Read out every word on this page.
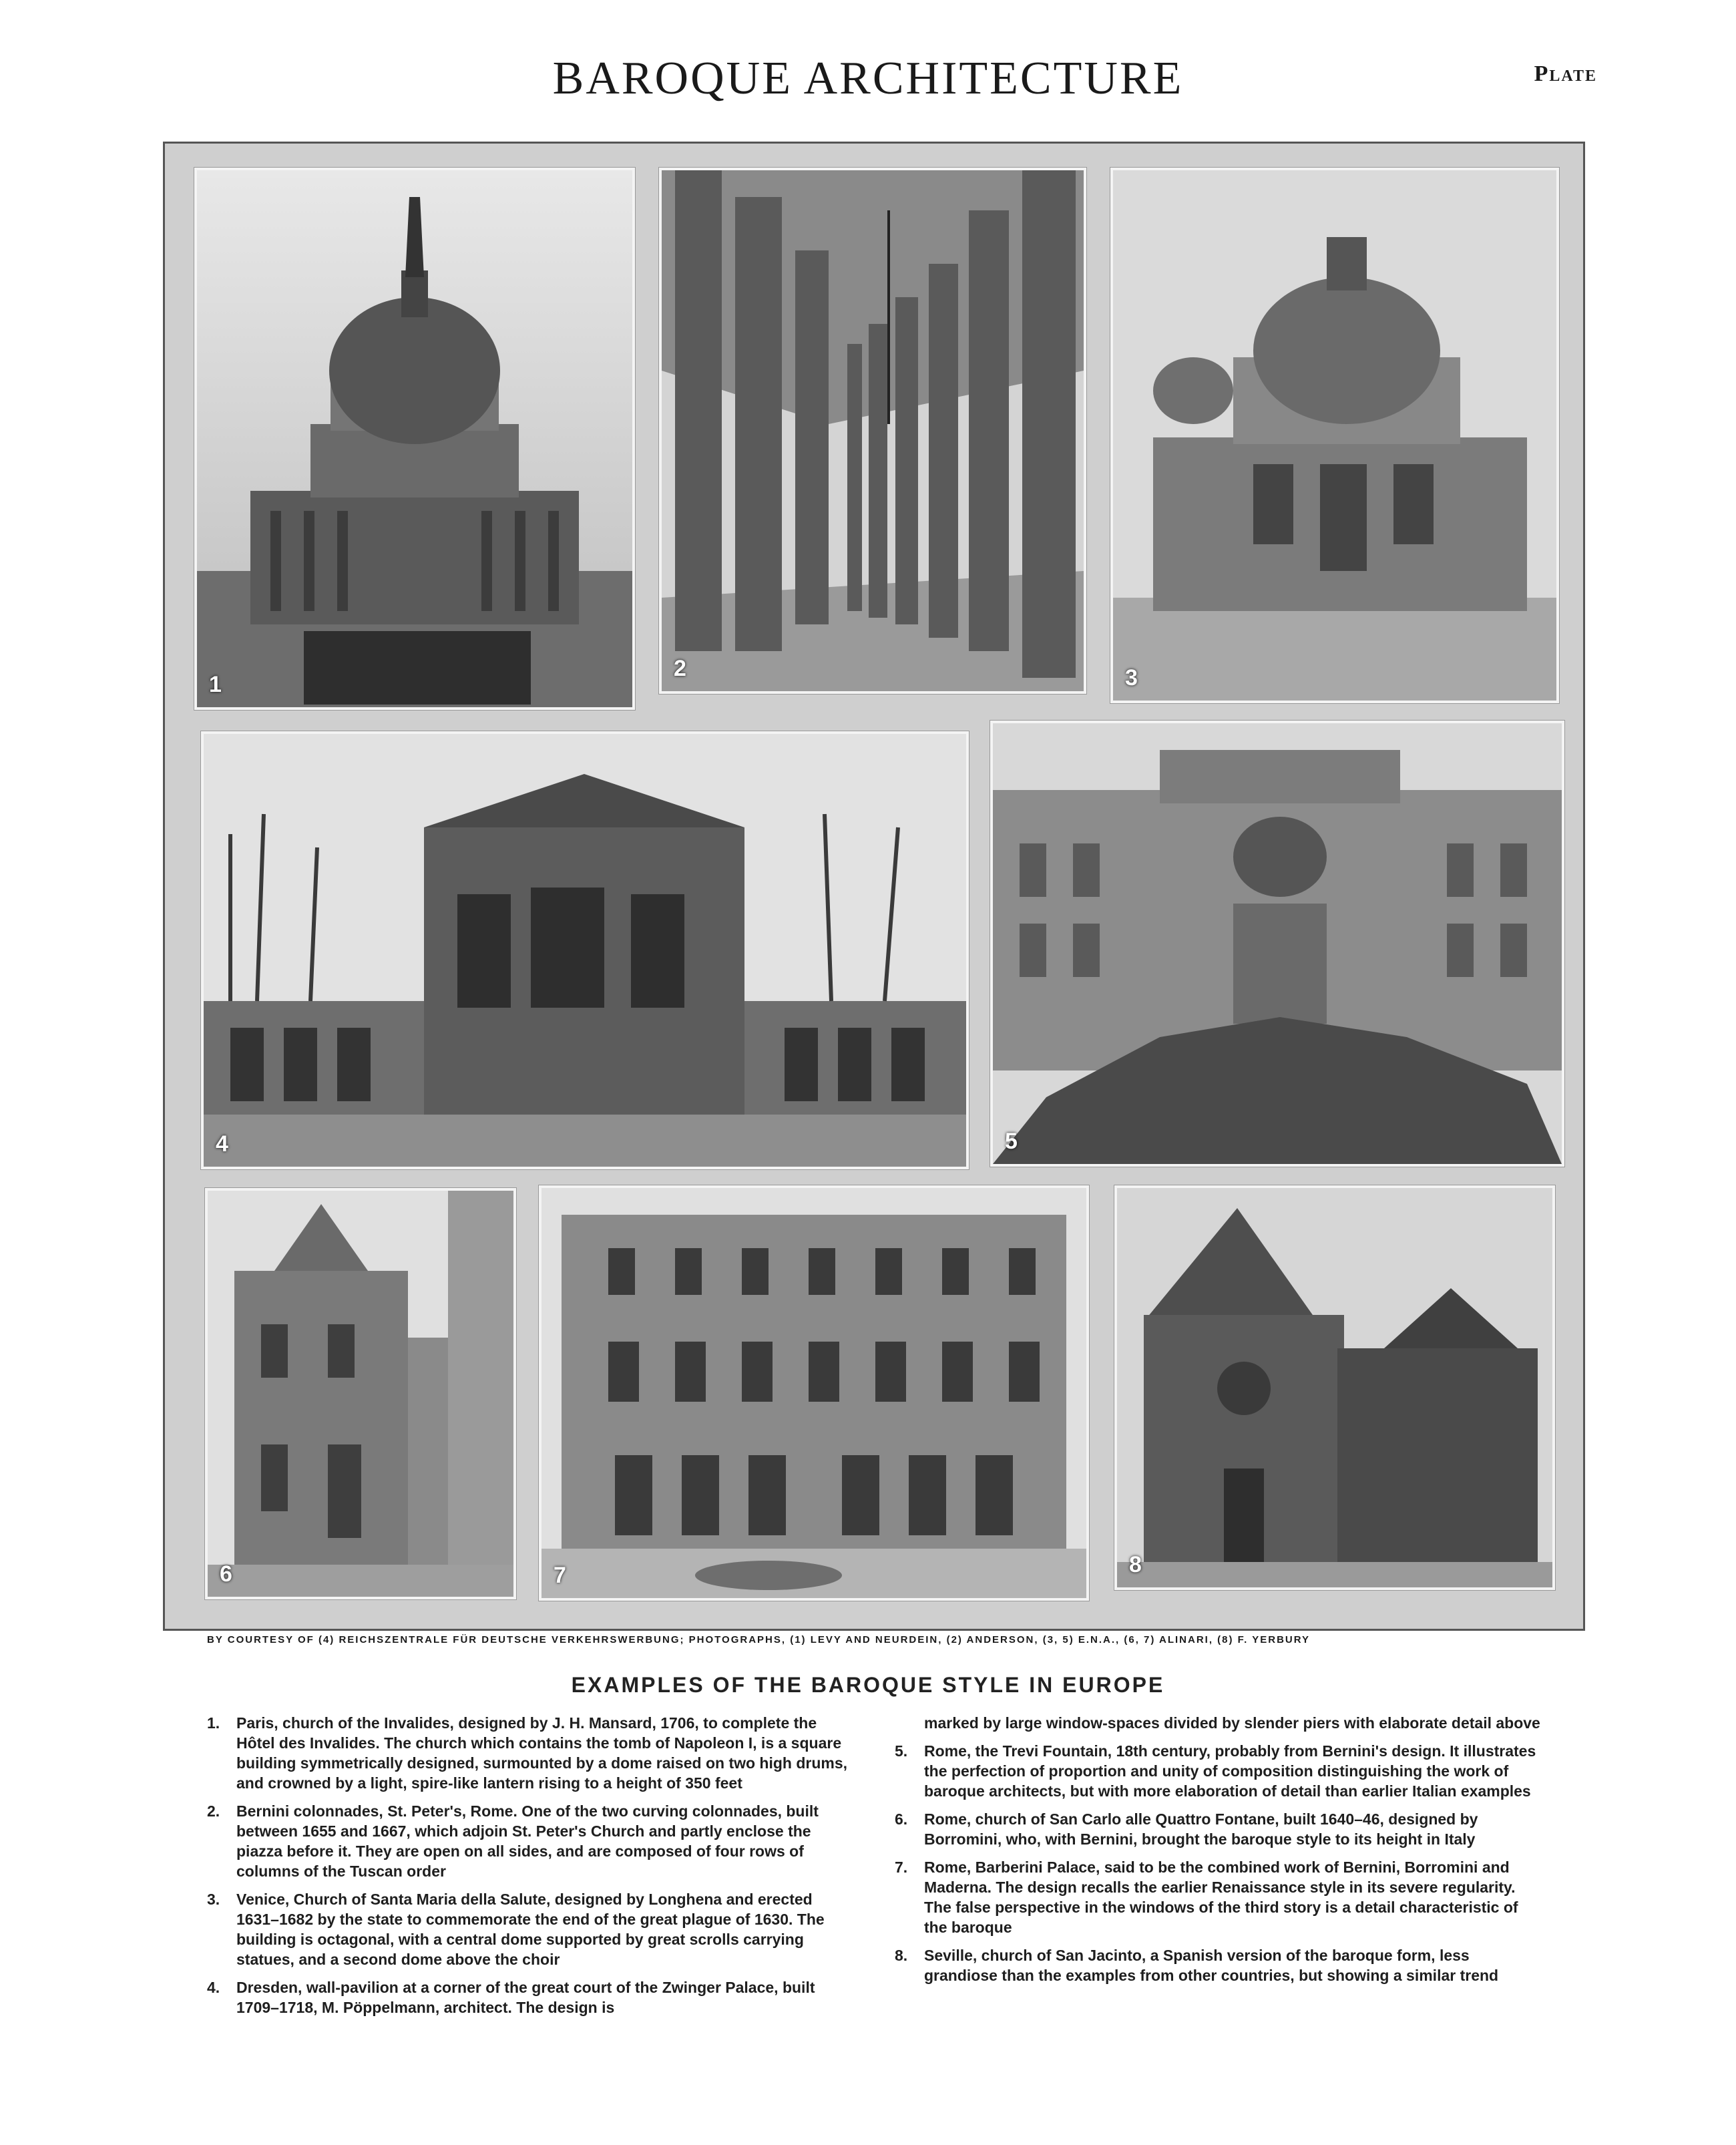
BAROQUE ARCHITECTURE	Plate
1
2	3
4	5
6	7	8
BY COURTESY OF (4) REICHSZENTRALE FÜR DEUTSCHE VERKEHRSWERBUNG; PHOTOGRAPHS, (1) LEVY AND NEURDEIN, (2) ANDERSON, (3, 5) E.N.A., (6, 7) ALINARI, (8) F. YERBURY
EXAMPLES OF THE BAROQUE STYLE IN EUROPE
1.	Paris, church of the Invalides, designed by J. H. Mansard, 1706, to complete the Hôtel des Invalides. The church which contains the tomb of Napoleon I, is a square building symmetrically designed, surmounted by a dome raised on two high drums, and crowned by a light, spire-like lantern rising to a height of 350 feet
2.	Bernini colonnades, St. Peter's, Rome. One of the two curving colonnades, built between 1655 and 1667, which adjoin St. Peter's Church and partly enclose the piazza before it. They are open on all sides, and are composed of four rows of columns of the Tuscan order
3.	Venice, Church of Santa Maria della Salute, designed by Longhena and erected 1631–1682 by the state to commemorate the end of the great plague of 1630. The building is octagonal, with a central dome supported by great scrolls carrying statues, and a second dome above the choir
4.	Dresden, wall-pavilion at a corner of the great court of the Zwinger Palace, built 1709–1718, M. Pöppelmann, architect. The design is
marked by large window-spaces divided by slender piers with elaborate detail above
5.	Rome, the Trevi Fountain, 18th century, probably from Bernini's design. It illustrates the perfection of proportion and unity of composition distinguishing the work of baroque architects, but with more elaboration of detail than earlier Italian examples
6.	Rome, church of San Carlo alle Quattro Fontane, built 1640–46, designed by Borromini, who, with Bernini, brought the baroque style to its height in Italy
7.	Rome, Barberini Palace, said to be the combined work of Bernini, Borromini and Maderna. The design recalls the earlier Renaissance style in its severe regularity. The false perspective in the windows of the third story is a detail characteristic of the baroque
8.	Seville, church of San Jacinto, a Spanish version of the baroque form, less grandiose than the examples from other countries, but showing a similar trend
